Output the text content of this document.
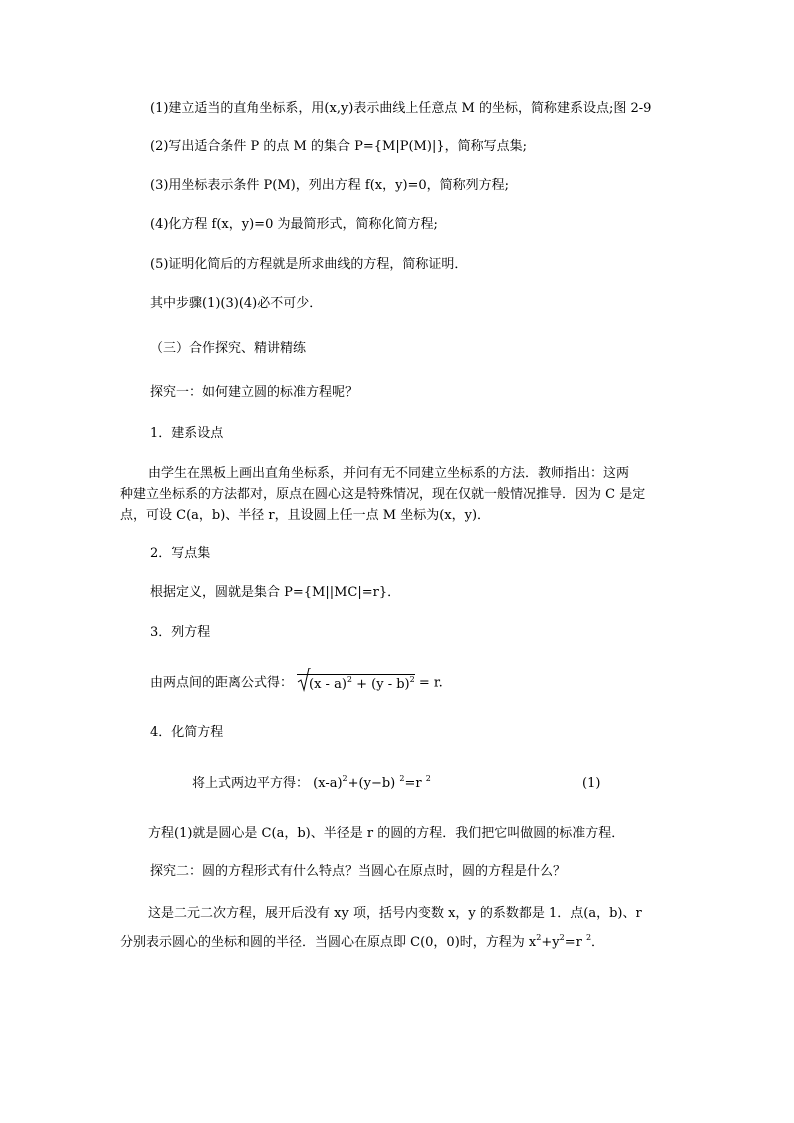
(1)建立适当的直角坐标系，用(x,y)表示曲线上任意点 M 的坐标，简称建系设点;图 2-9
(2)写出适合条件 P 的点 M 的集合 P={M|P(M)|}，简称写点集;
(3)用坐标表示条件 P(M)，列出方程 f(x，y)=0，简称列方程;
(4)化方程 f(x，y)=0 为最简形式，简称化简方程;
(5)证明化简后的方程就是所求曲线的方程，简称证明．
其中步骤(1)(3)(4)必不可少．
（三）合作探究、精讲精练
探究一：如何建立圆的标准方程呢？
1．建系设点
由学生在黑板上画出直角坐标系，并问有无不同建立坐标系的方法．教师指出：这两
种建立坐标系的方法都对，原点在圆心这是特殊情况，现在仅就一般情况推导．因为 C 是定
点，可设 C(a，b)、半径 r，且设圆上任一点 M 坐标为(x，y)．
2．写点集
根据定义，圆就是集合 P={M||MC|=r}．
3．列方程
由两点间的距离公式得： (x - a)$^2$ + (y - b)$^2$ = r.
4．化简方程
将上式两边平方得： $(x-a)^2+(y-b)$ $^2$=r $^2$	(1)
方程(1)就是圆心是 C(a，b)、半径是 r 的圆的方程．我们把它叫做圆的标准方程．
探究二：圆的方程形式有什么特点？当圆心在原点时，圆的方程是什么？
这是二元二次方程，展开后没有 xy 项，括号内变数 x，y 的系数都是 1．点(a，b)、r
分别表示圆心的坐标和圆的半径．当圆心在原点即 C(0，0)时，方程为 $x^2+y^2=r$ $^2$．
